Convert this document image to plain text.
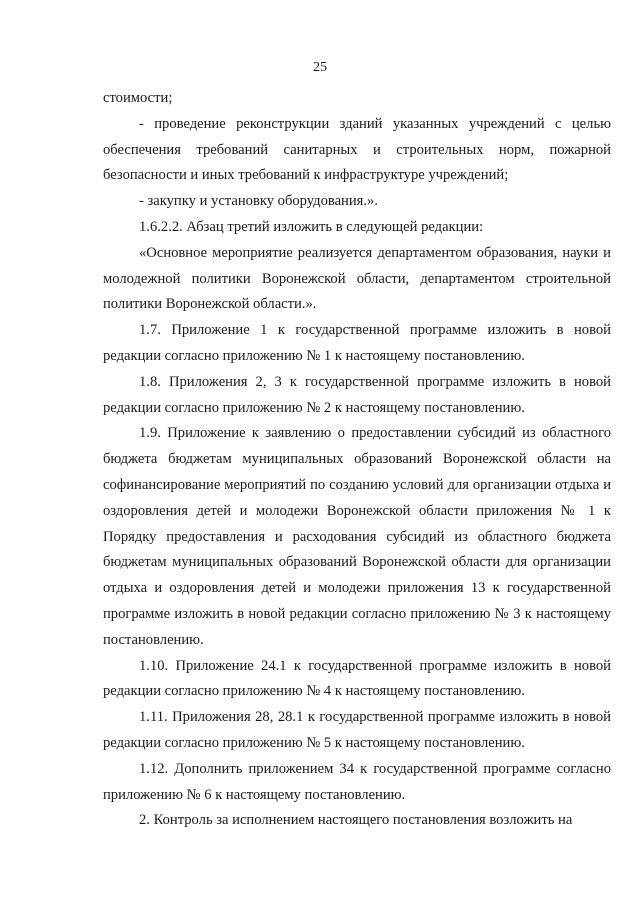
25

стоимости;

- проведение реконструкции зданий указанных учреждений с целью обеспечения требований санитарных и строительных норм, пожарной безопасности и иных требований к инфраструктуре учреждений;

- закупку и установку оборудования.».

1.6.2.2. Абзац третий изложить в следующей редакции:

«Основное мероприятие реализуется департаментом образования, науки и молодежной политики Воронежской области, департаментом строительной политики Воронежской области.».

1.7. Приложение 1 к государственной программе изложить в новой редакции согласно приложению № 1 к настоящему постановлению.

1.8. Приложения 2, 3 к государственной программе изложить в новой редакции согласно приложению № 2 к настоящему постановлению.

1.9. Приложение к заявлению о предоставлении субсидий из областного бюджета бюджетам муниципальных образований Воронежской области на софинансирование мероприятий по созданию условий для организации отдыха и оздоровления детей и молодежи Воронежской области приложения № 1 к Порядку предоставления и расходования субсидий из областного бюджета бюджетам муниципальных образований Воронежской области для организации отдыха и оздоровления детей и молодежи приложения 13 к государственной программе изложить в новой редакции согласно приложению № 3 к настоящему постановлению.

1.10. Приложение 24.1 к государственной программе изложить в новой редакции согласно приложению № 4 к настоящему постановлению.

1.11. Приложения 28, 28.1 к государственной программе изложить в новой редакции согласно приложению № 5 к настоящему постановлению.

1.12. Дополнить приложением 34 к государственной программе согласно приложению № 6 к настоящему постановлению.

2. Контроль за исполнением настоящего постановления возложить на
